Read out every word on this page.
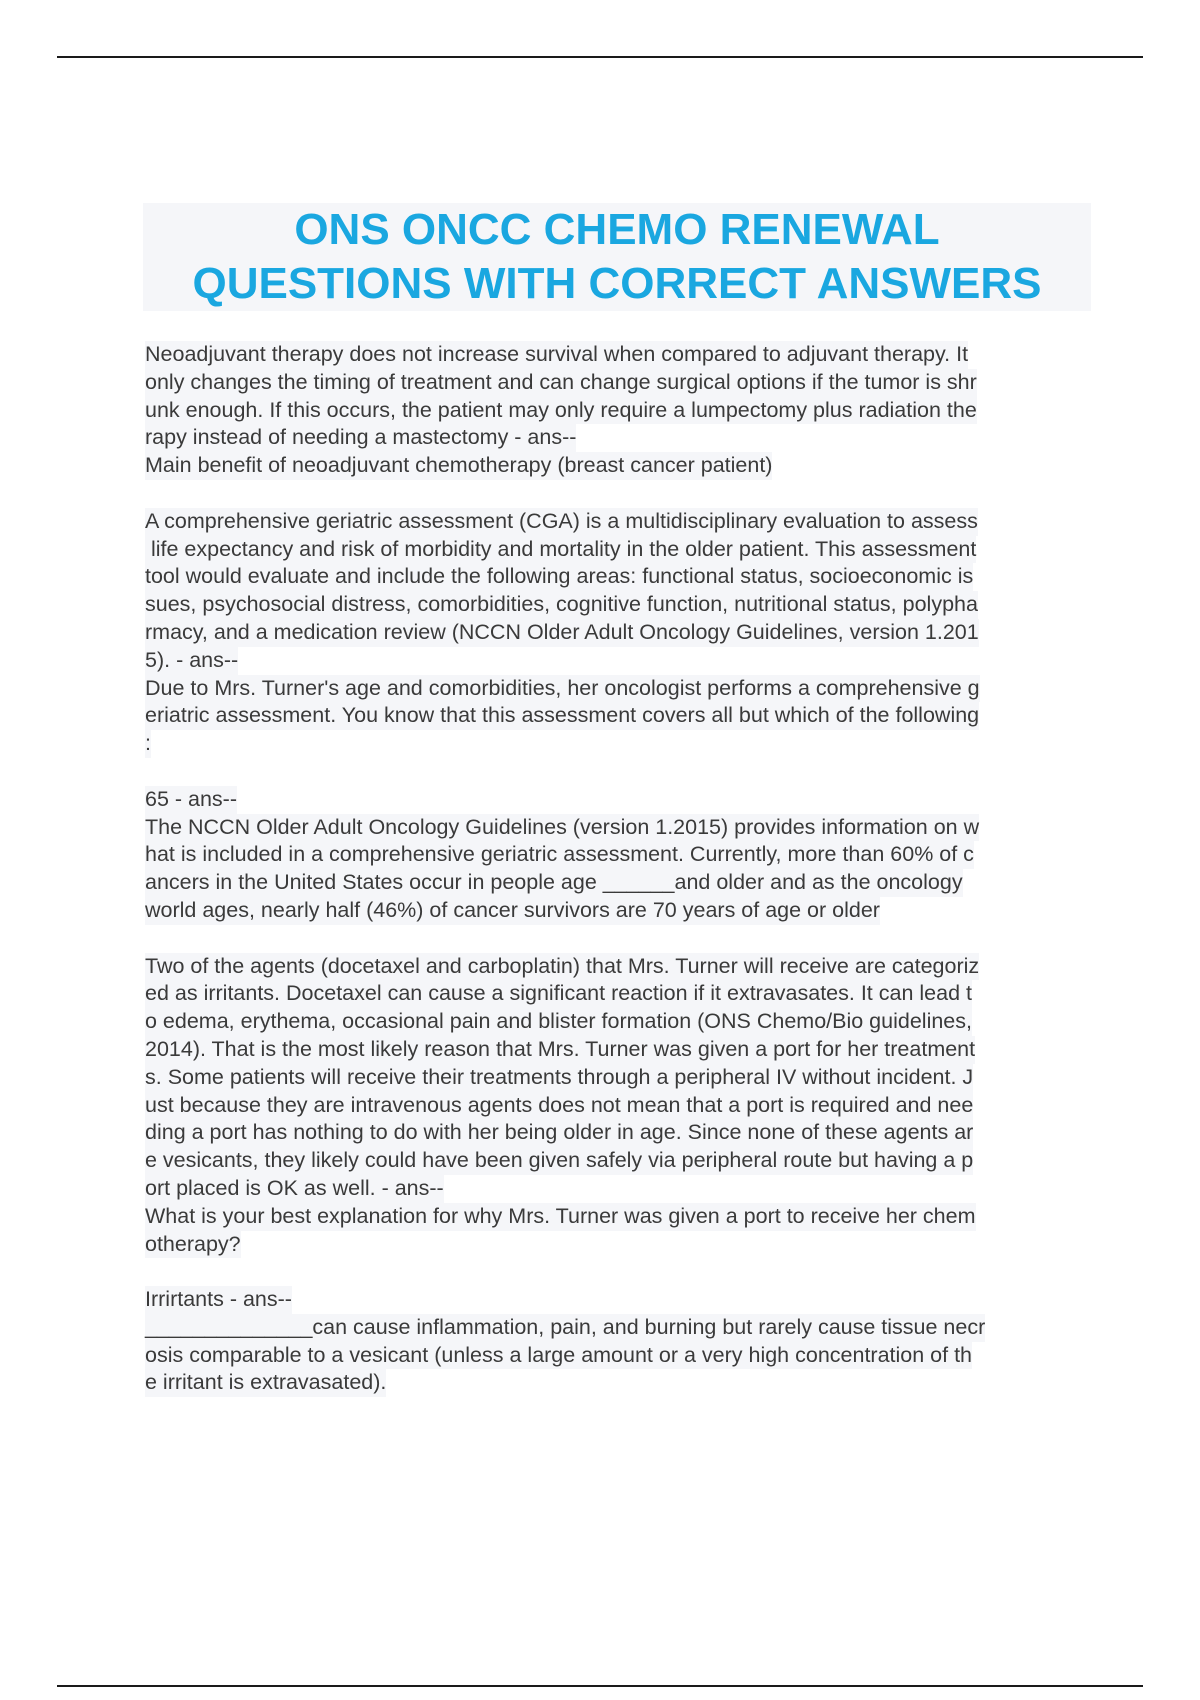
ONS ONCC CHEMO RENEWAL
QUESTIONS WITH CORRECT ANSWERS
Neoadjuvant therapy does not increase survival when compared to adjuvant therapy. It
only changes the timing of treatment and can change surgical options if the tumor is shr
unk enough. If this occurs, the patient may only require a lumpectomy plus radiation the
rapy instead of needing a mastectomy - ans--
Main benefit of neoadjuvant chemotherapy (breast cancer patient)
A comprehensive geriatric assessment (CGA) is a multidisciplinary evaluation to assess
life expectancy and risk of morbidity and mortality in the older patient. This assessment
tool would evaluate and include the following areas: functional status, socioeconomic is
sues, psychosocial distress, comorbidities, cognitive function, nutritional status, polypha
rmacy, and a medication review (NCCN Older Adult Oncology Guidelines, version 1.201
5). - ans--
Due to Mrs. Turner's age and comorbidities, her oncologist performs a comprehensive g
eriatric assessment. You know that this assessment covers all but which of the following
:
65 - ans--
The NCCN Older Adult Oncology Guidelines (version 1.2015) provides information on w
hat is included in a comprehensive geriatric assessment. Currently, more than 60% of c
ancers in the United States occur in people age ______and older and as the oncology
world ages, nearly half (46%) of cancer survivors are 70 years of age or older
Two of the agents (docetaxel and carboplatin) that Mrs. Turner will receive are categoriz
ed as irritants. Docetaxel can cause a significant reaction if it extravasates. It can lead t
o edema, erythema, occasional pain and blister formation (ONS Chemo/Bio guidelines,
2014). That is the most likely reason that Mrs. Turner was given a port for her treatment
s. Some patients will receive their treatments through a peripheral IV without incident. J
ust because they are intravenous agents does not mean that a port is required and nee
ding a port has nothing to do with her being older in age. Since none of these agents ar
e vesicants, they likely could have been given safely via peripheral route but having a p
ort placed is OK as well. - ans--
What is your best explanation for why Mrs. Turner was given a port to receive her chem
otherapy?
Irrirtants - ans--
______________can cause inflammation, pain, and burning but rarely cause tissue necr
osis comparable to a vesicant (unless a large amount or a very high concentration of th
e irritant is extravasated).
